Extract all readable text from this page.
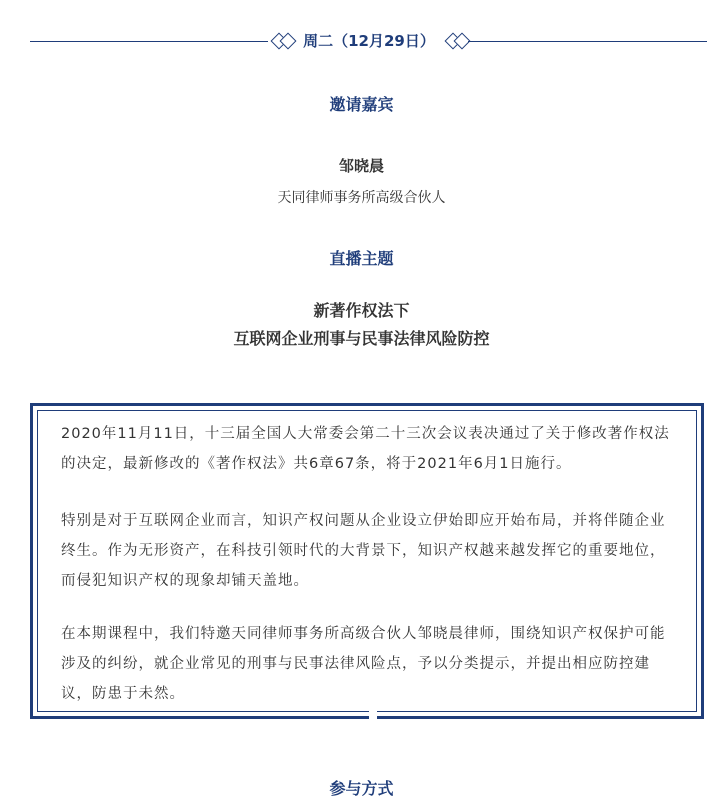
周二（12月29日）
邀请嘉宾
邹晓晨
天同律师事务所高级合伙人
直播主题
新著作权法下
互联网企业刑事与民事法律风险防控

2020年11月11日，十三届全国人大常委会第二十三次会议表决通过了关于修改著作权法的决定，最新修改的《著作权法》共6章67条，将于2021年6月1日施行。

特别是对于互联网企业而言，知识产权问题从企业设立伊始即应开始布局，并将伴随企业终生。作为无形资产，在科技引领时代的大背景下，知识产权越来越发挥它的重要地位，而侵犯知识产权的现象却铺天盖地。

在本期课程中，我们特邀天同律师事务所高级合伙人邹晓晨律师，围绕知识产权保护可能涉及的纠纷，就企业常见的刑事与民事法律风险点，予以分类提示，并提出相应防控建议，防患于未然。

参与方式
